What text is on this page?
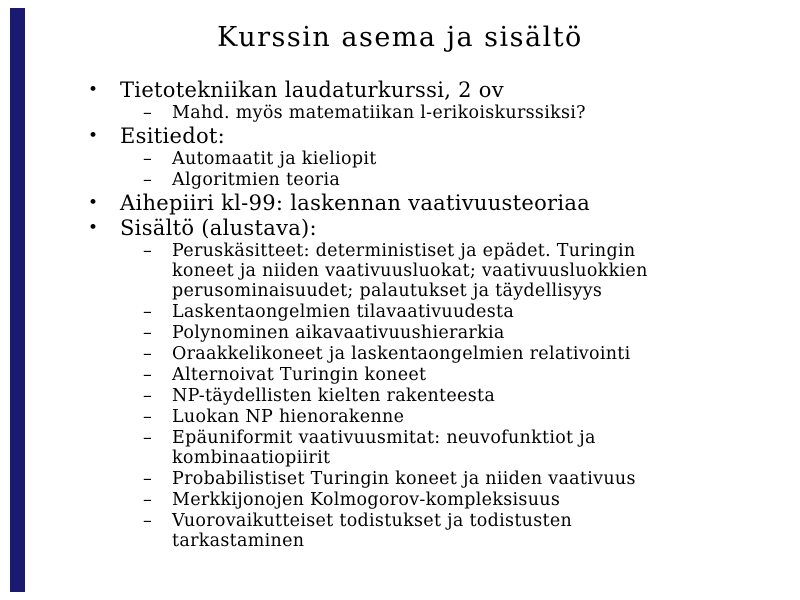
Kurssin asema ja sisältö
•	Tietotekniikan laudaturkurssi, 2 ov
–	Mahd. myös matematiikan l-erikoiskurssiksi?
•	Esitiedot:
–	Automaatit ja kieliopit
–	Algoritmien teoria
•	Aihepiiri kl-99: laskennan vaativuusteoriaa
•	Sisältö (alustava):
–	Peruskäsitteet: deterministiset ja epädet. Turingin koneet ja niiden vaativuusluokat; vaativuusluokkien perusominaisuudet; palautukset ja täydellisyys
–	Laskentaongelmien tilavaativuudesta
–	Polynominen aikavaativuushierarkia
–	Oraakkelikoneet ja laskentaongelmien relativointi
–	Alternoivat Turingin koneet
–	NP-täydellisten kielten rakenteesta
–	Luokan NP hienorakenne
–	Epäuniformit vaativuusmitat: neuvofunktiot ja kombinaatiopiirit
–	Probabilistiset Turingin koneet ja niiden vaativuus
–	Merkkijonojen Kolmogorov-kompleksisuus
–	Vuorovaikutteiset todistukset ja todistusten tarkastaminen
